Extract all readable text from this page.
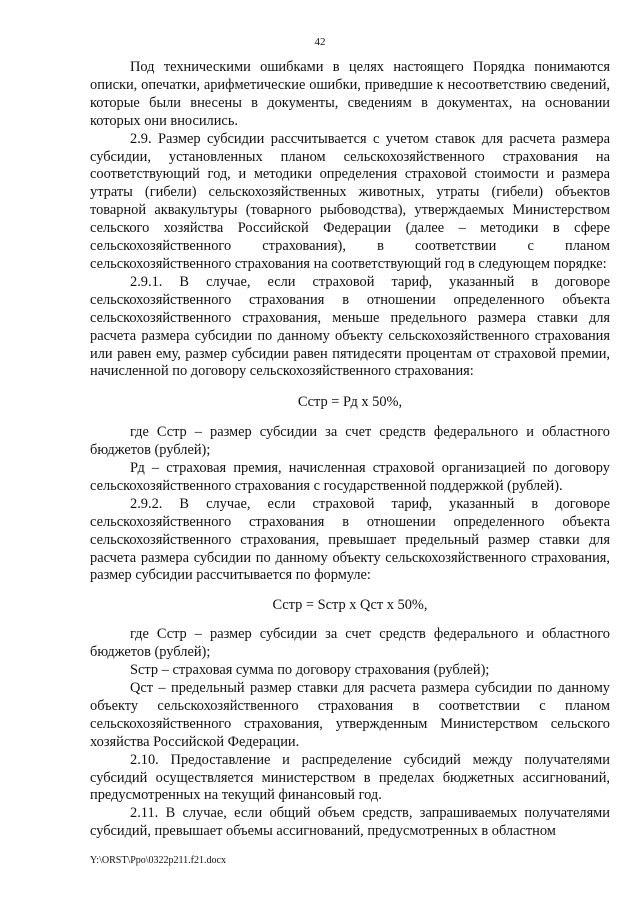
42

Под техническими ошибками в целях настоящего Порядка понимаются описки, опечатки, арифметические ошибки, приведшие к несоответствию сведений, которые были внесены в документы, сведениям в документах, на основании которых они вносились.

2.9. Размер субсидии рассчитывается с учетом ставок для расчета размера субсидии, установленных планом сельскохозяйственного страхования на соответствующий год, и методики определения страховой стоимости и размера утраты (гибели) сельскохозяйственных животных, утраты (гибели) объектов товарной аквакультуры (товарного рыбоводства), утверждаемых Министерством сельского хозяйства Российской Федерации (далее – методики в сфере сельскохозяйственного страхования), в соответствии с планом сельскохозяйственного страхования на соответствующий год в следующем порядке:

2.9.1. В случае, если страховой тариф, указанный в договоре сельскохозяйственного страхования в отношении определенного объекта сельскохозяйственного страхования, меньше предельного размера ставки для расчета размера субсидии по данному объекту сельскохозяйственного страхования или равен ему, размер субсидии равен пятидесяти процентам от страховой премии, начисленной по договору сельскохозяйственного страхования:

Сстр = Рд х 50%,

где Сстр – размер субсидии за счет средств федерального и областного бюджетов (рублей);

Рд – страховая премия, начисленная страховой организацией по договору сельскохозяйственного страхования с государственной поддержкой (рублей).

2.9.2. В случае, если страховой тариф, указанный в договоре сельскохозяйственного страхования в отношении определенного объекта сельскохозяйственного страхования, превышает предельный размер ставки для расчета размера субсидии по данному объекту сельскохозяйственного страхования, размер субсидии рассчитывается по формуле:

Сстр = Sстр х Qст х 50%,

где Сстр – размер субсидии за счет средств федерального и областного бюджетов (рублей);

Sстр – страховая сумма по договору страхования (рублей);

Qст – предельный размер ставки для расчета размера субсидии по данному объекту сельскохозяйственного страхования в соответствии с планом сельскохозяйственного страхования, утвержденным Министерством сельского хозяйства Российской Федерации.

2.10. Предоставление и распределение субсидий между получателями субсидий осуществляется министерством в пределах бюджетных ассигнований, предусмотренных на текущий финансовый год.

2.11. В случае, если общий объем средств, запрашиваемых получателями субсидий, превышает объемы ассигнований, предусмотренных в областном

Y:\ORST\Ppo\0322p211.f21.docx
